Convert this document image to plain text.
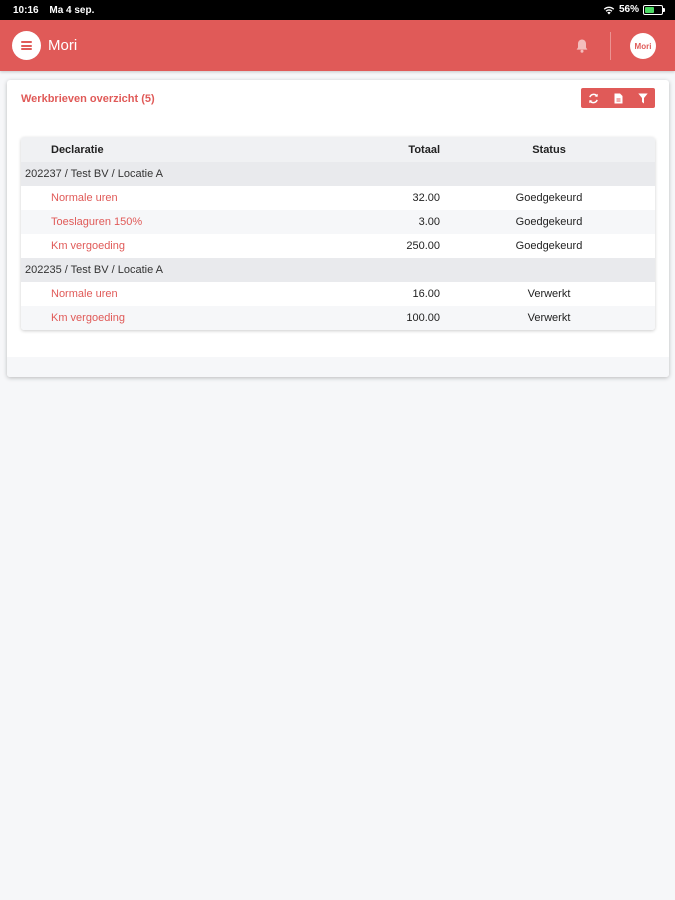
10:16 Ma 4 sep.	56%
Mori	Mori
Werkbrieven overzicht (5)
Declaratie	Totaal	Status
202237 / Test BV / Locatie A
Normale uren	32.00	Goedgekeurd
Toeslaguren 150%	3.00	Goedgekeurd
Km vergoeding	250.00	Goedgekeurd
202235 / Test BV / Locatie A
Normale uren	16.00	Verwerkt
Km vergoeding	100.00	Verwerkt
